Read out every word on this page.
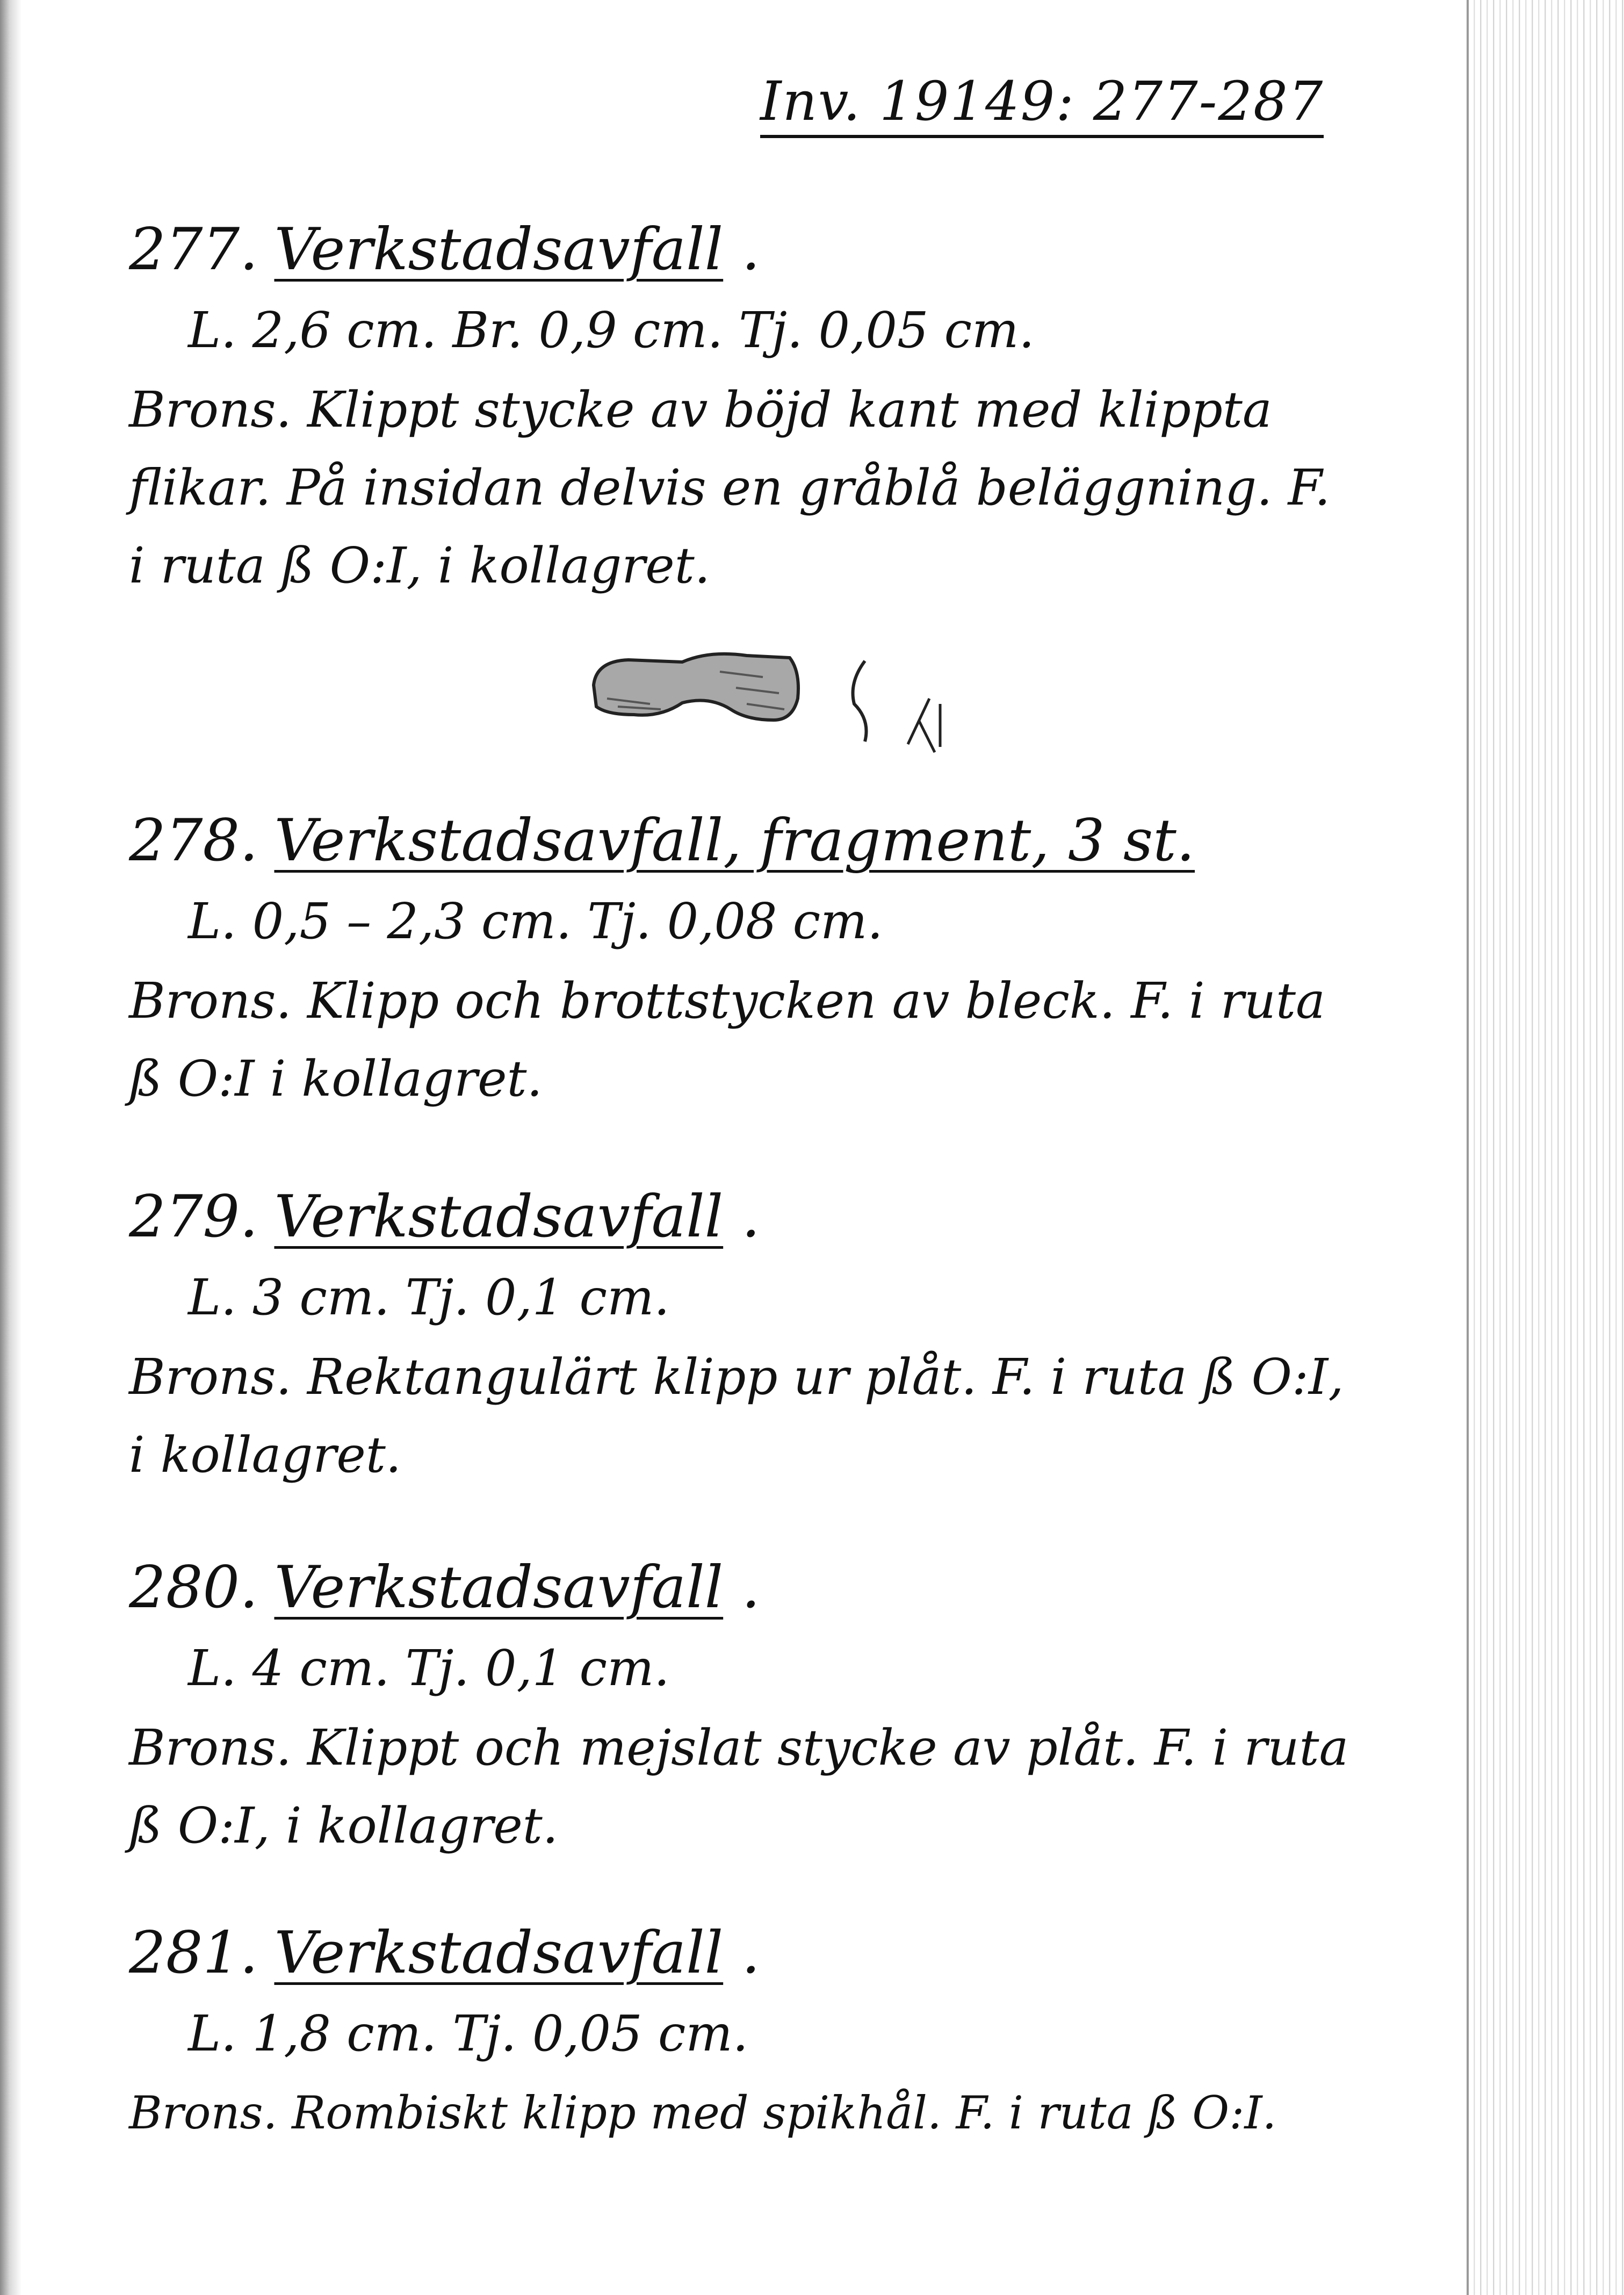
Inv. 19149: 277-287
277. Verkstadsavfall .
L. 2,6 cm. Br. 0,9 cm. Tj. 0,05 cm.
Brons. Klippt stycke av böjd kant med klippta flikar. På insidan delvis en gråblå beläggning. F. i ruta ß O:I, i kollagret.
278. Verkstadsavfall, fragment, 3 st.
L. 0,5 – 2,3 cm. Tj. 0,08 cm.
Brons. Klipp och brottstycken av bleck. F. i ruta ß O:I i kollagret.
279. Verkstadsavfall .
L. 3 cm. Tj. 0,1 cm.
Brons. Rektangulärt klipp ur plåt. F. i ruta ß O:I, i kollagret.
280. Verkstadsavfall .
L. 4 cm. Tj. 0,1 cm.
Brons. Klippt och mejslat stycke av plåt. F. i ruta ß O:I, i kollagret.
281. Verkstadsavfall .
L. 1,8 cm. Tj. 0,05 cm.
Brons. Rombiskt klipp med spikhål. F. i ruta ß O:I.
